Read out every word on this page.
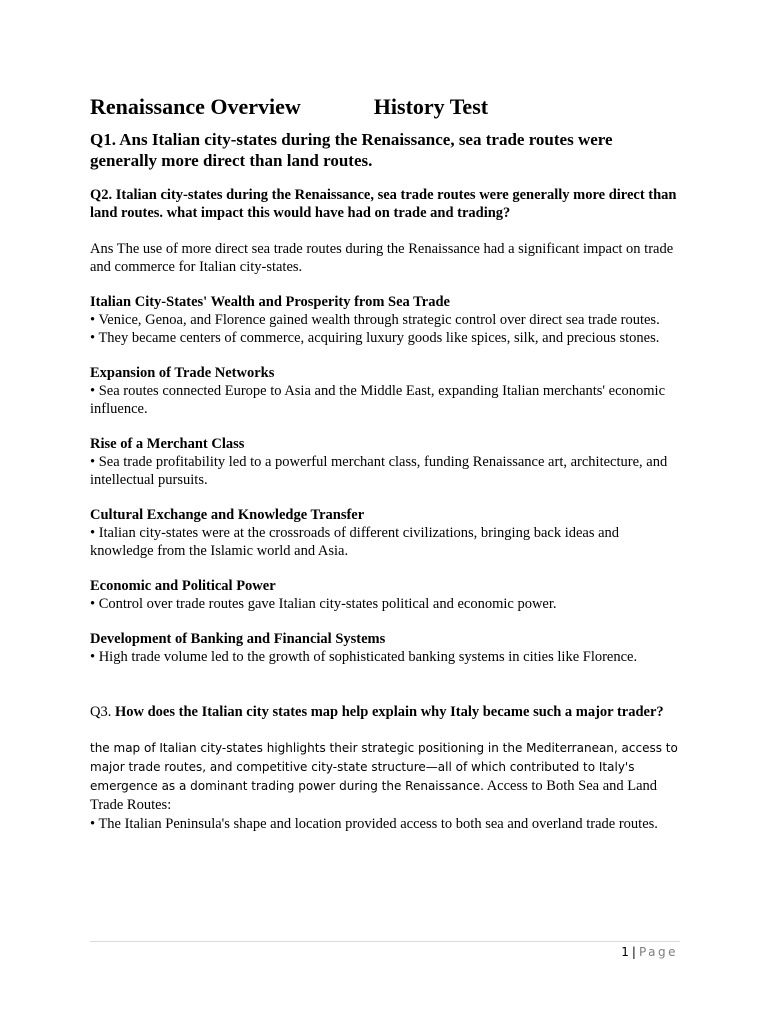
Renaissance Overview	History Test
Q1. Ans Italian city-states during the Renaissance, sea trade routes were generally more direct than land routes.
Q2. Italian city-states during the Renaissance, sea trade routes were generally more direct than land routes. what impact this would have had on trade and trading?
Ans The use of more direct sea trade routes during the Renaissance had a significant impact on trade and commerce for Italian city-states.
Italian City-States' Wealth and Prosperity from Sea Trade
• Venice, Genoa, and Florence gained wealth through strategic control over direct sea trade routes.
• They became centers of commerce, acquiring luxury goods like spices, silk, and precious stones.
Expansion of Trade Networks
• Sea routes connected Europe to Asia and the Middle East, expanding Italian merchants' economic influence.
Rise of a Merchant Class
• Sea trade profitability led to a powerful merchant class, funding Renaissance art, architecture, and intellectual pursuits.
Cultural Exchange and Knowledge Transfer
• Italian city-states were at the crossroads of different civilizations, bringing back ideas and knowledge from the Islamic world and Asia.
Economic and Political Power
• Control over trade routes gave Italian city-states political and economic power.
Development of Banking and Financial Systems
• High trade volume led to the growth of sophisticated banking systems in cities like Florence.
Q3. How does the Italian city states map help explain why Italy became such a major trader?
the map of Italian city-states highlights their strategic positioning in the Mediterranean, access to major trade routes, and competitive city-state structure—all of which contributed to Italy's emergence as a dominant trading power during the Renaissance. Access to Both Sea and Land Trade Routes:
• The Italian Peninsula's shape and location provided access to both sea and overland trade routes.
1 | Page
